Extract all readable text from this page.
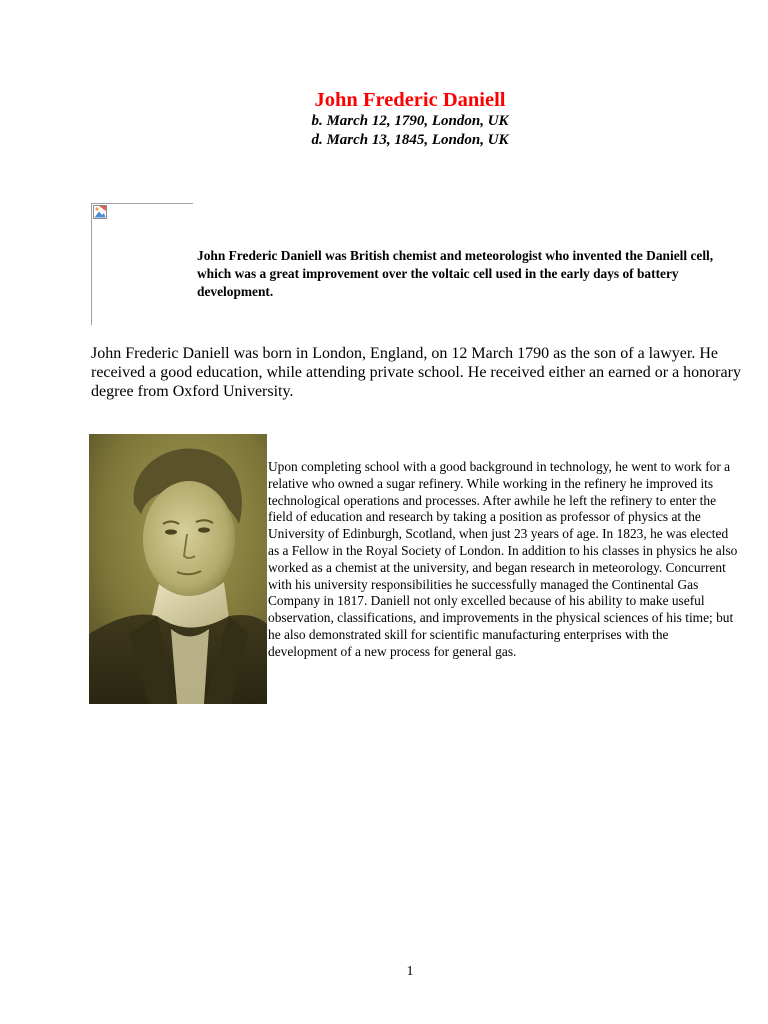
John Frederic Daniell

b. March 12, 1790, London, UK

d. March 13, 1845, London, UK

John Frederic Daniell was British chemist and meteorologist who invented the Daniell cell, which was a great improvement over the voltaic cell used in the early days of battery development.

John Frederic Daniell was born in London, England, on 12 March 1790 as the son of a lawyer. He received a good education, while attending private school. He received either an earned or a honorary degree from Oxford University.

Upon completing school with a good background in technology, he went to work for a relative who owned a sugar refinery. While working in the refinery he improved its technological operations and processes. After awhile he left the refinery to enter the field of education and research by taking a position as professor of physics at the University of Edinburgh, Scotland, when just 23 years of age. In 1823, he was elected as a Fellow in the Royal Society of London. In addition to his classes in physics he also worked as a chemist at the university, and began research in meteorology. Concurrent with his university responsibilities he successfully managed the Continental Gas Company in 1817. Daniell not only excelled because of his ability to make useful observation, classifications, and improvements in the physical sciences of his time; but he also demonstrated skill for scientific manufacturing enterprises with the development of a new process for general gas.

1
